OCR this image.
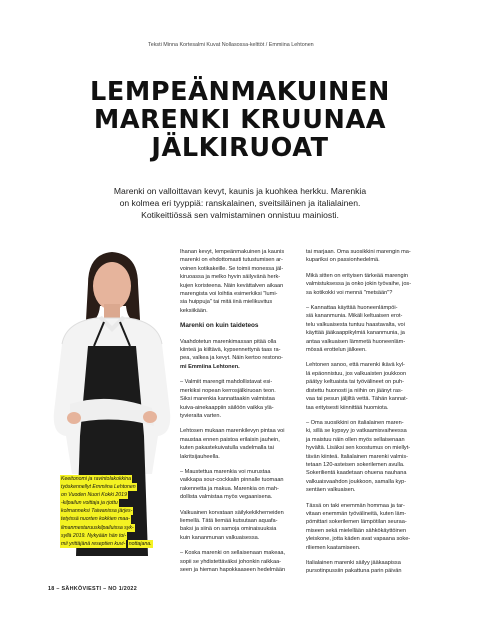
Teksti Minna Kortesalmi Kuvat Nollasossa-kelttöt / Emmiina Lehtonen
LEMPEÄNMAKUINEN
MARENKI KRUUNAA
JÄLKIRUOAT
Marenki on valloittavan kevyt, kaunis ja kuohkea herkku. Marenkia
on kolmea eri tyyppiä: ranskalainen, sveitsiläinen ja italialainen.
Kotikeittiössä sen valmistaminen onnistuu mainiosti.
Keeitonomi ja ravintolakokkina työskennellyt Emmiina Lehtonen on Vuoden Nuori Kokki 2019 -kilpailun voittaja ja rjottu kolmanneksi Taiwanissa järjes- tetyissä nuorten kokkien maa- ilmanmestaruuskilpailuissa syk- syllä 2019. Nykyään hän toi- mii yrittäjänä reseptien kuvi- nottajana.

Ihanan kevyt, lempeänmakuinen ja kaunis
marenki on ehdottomasti tutustumisen ar-
voinen kotikakeille. Se toimii monessa jäl-
kiruoassa ja melko hyvin säilyvänä herk-
kujen koristeena. Näin kevättalven aikaan
marengista voi loihtia esimerkiksi "lumi-
sia huippuja" tai mitä iinä mielikuvitus
keksiikään.

Marenki on kuin taideteos

Vaahdotetun marenkimassan pitää olla
kiinteä ja kiiltävä, kypsennettynä taas ra-
pea, valkea ja kevyt. Näin kertoo restono-
mi Emmiina Lehtonen.

– Valmiit marengit mahdollistavat esi-
merkiksi nopean kerrosjälkiruoan teon.
Siksi marenkia kannattaakin valmistaa
kuiva-ainekaappiin säilöön vaikka ylä-
tyvieraita varten.

Lehtosen mukaan marenkilevyn pintaa voi
maustaa ennen paistoa erilaisin jauhein,
kuten pakastekuivatulla vadelmalla tai
lakritsijauheella.

– Maustettua marenkia voi murustaa
vaikkapa sour-cockkalin pinnalle tuomaan
rakennetta ja makua. Marenkia on mah-
dollista valmistaa myös vegaanisena.

Valkuainen korvataan säilykekikherneiden
liemellä. Tätä liemää kutsutaan aquafa-
baksi ja siinä on samoja ominaisuuksia
kuin kananmunan valkuaisessa.

– Koska marenki on sellaisenaan makeaa,
sopii se yhdistettäväksi johonkin raikkaa-
seen ja hieman hapokkaaseen hedelmään

tai marjaan. Oma suosikkini marengin ma-
kupariksi on passionhedelmä.

Mikä sitten on erityisen tärkeää marengin
valmistuksessa ja onko jokin työvaihe, jos-
sa kotikokki voi mennä "metsään"?

– Kannattaa käyttää huoneenlämpöi-
siä kananmunia. Mikäli keltuaisen erot-
telu valkuaisesta tuntuu haastavalta, voi
käyttää jääkaappikylmiä kananmunia, ja
antaa valkuaisen lämmetä huoneenläm-
mössä erottelun jälkeen.

Lehtonen sanoo, että marenki ikävä kyl-
lä epäonnistuu, jos valkuaisten joukkoon
päätyy keltuaista tai työvälineet on puh-
distettu huonosti ja niihin on jäänyt ras-
vaa tai pesun jäljiltä vettä. Tähän kannat-
taa erityisesti kiinnittää huomiota.

– Oma suosikkini on italialainen maren-
ki, sillä se kypsyy jo vatkaamisvaiheessa
ja maistuu näin ollen myös sellaisenaan
hyvältä. Lisäksi sen koostumus on miellyt-
tävän kiinteä. Italialainen marenki valmis-
tetaan 120-asteisen sokerilemen avulla.
Sokerilientä kaadetaan ohuena nauhana
valkuaisvaahdon joukkoon, samalla kyp-
sentäen valkuaisen.

Tässä on taki enemmän hommaa ja tar-
vitaan enemmän työvälineitä, kuten läm-
pömittari sokerilemen lämpötilan seuraa-
miseen sekä mielellään sähkökäyttöinen
yleiskone, jotta käden avat vapaana soke-
riliemen kaatamiseen.

Italialainen marenki säilyy jääkaapissa
pursotinpussiin pakattuna parin päivän

18 – SÄHKÖVIESTI – NO 1/2022
